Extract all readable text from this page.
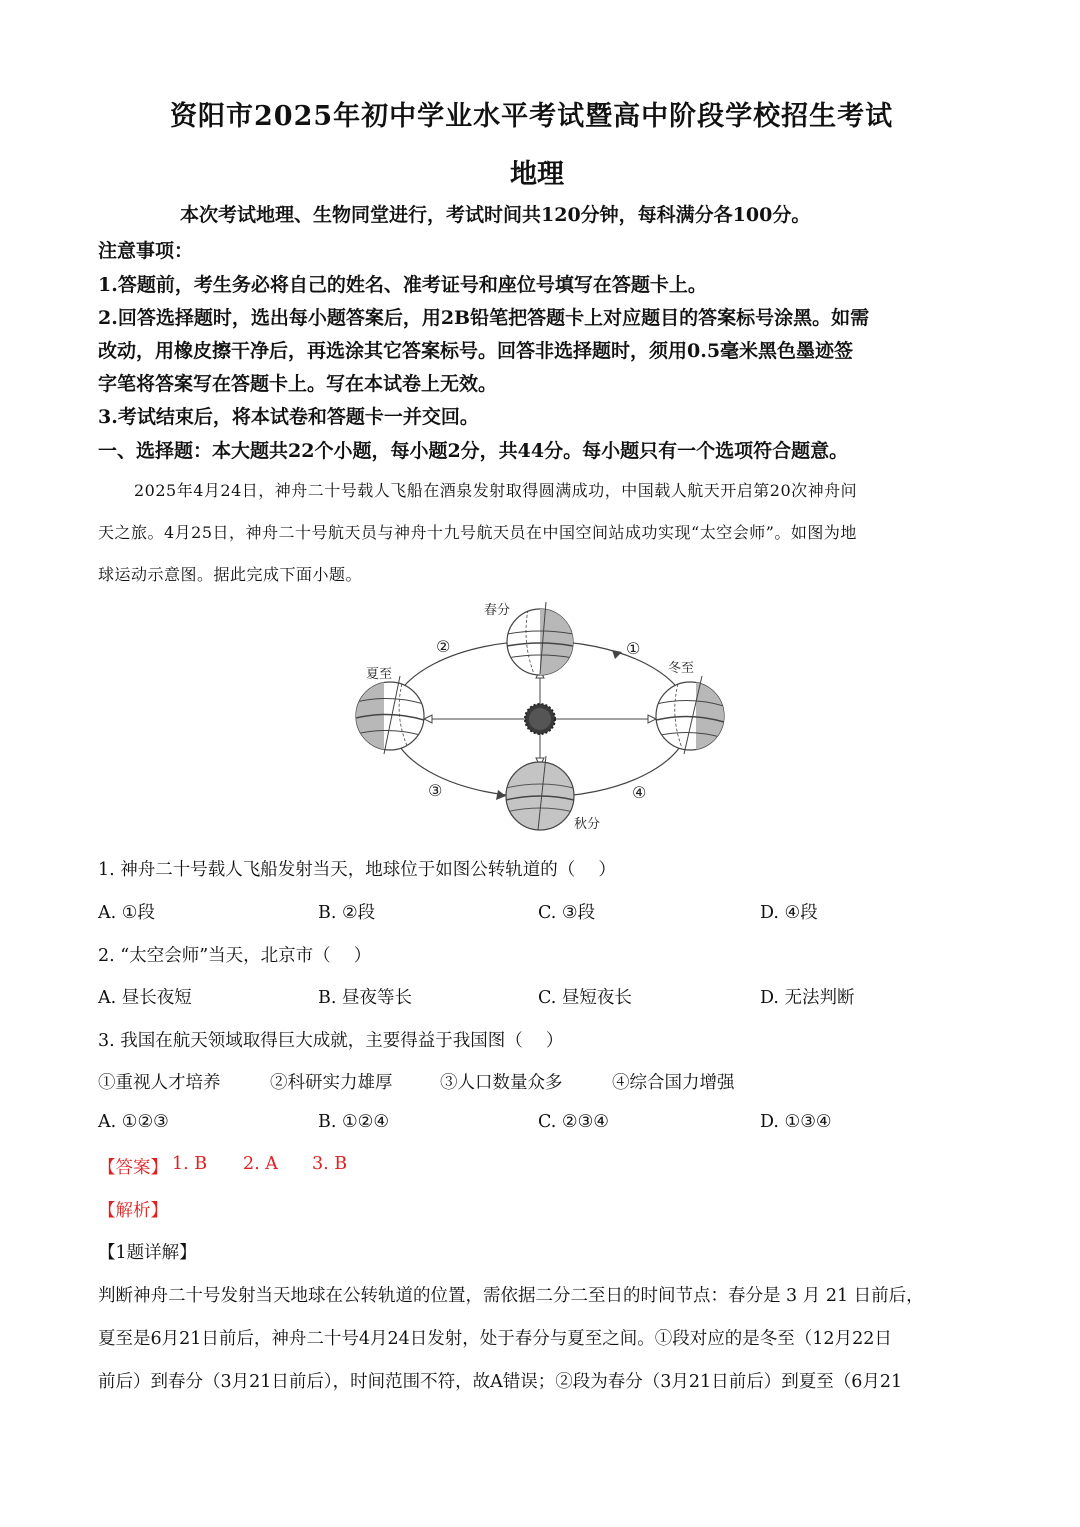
资阳市2025年初中学业水平考试暨高中阶段学校招生考试
地理
本次考试地理、生物同堂进行，考试时间共120分钟，每科满分各100分。
注意事项：
1.答题前，考生务必将自己的姓名、准考证号和座位号填写在答题卡上。
2.回答选择题时，选出每小题答案后，用2B铅笔把答题卡上对应题目的答案标号涂黑。如需
改动，用橡皮擦干净后，再选涂其它答案标号。回答非选择题时，须用0.5毫米黑色墨迹签
字笔将答案写在答题卡上。写在本试卷上无效。
3.考试结束后，将本试卷和答题卡一并交回。
一、选择题：本大题共22个小题，每小题2分，共44分。每小题只有一个选项符合题意。
2025年4月24日，神舟二十号载人飞船在酒泉发射取得圆满成功，中国载人航天开启第20次神舟问
天之旅。4月25日，神舟二十号航天员与神舟十九号航天员在中国空间站成功实现“太空会师”。如图为地
球运动示意图。据此完成下面小题。
春分
夏至	冬至
秋分
①
②
③	④
1. 神舟二十号载人飞船发射当天，地球位于如图公转轨道的（　 ）
A. ①段	B. ②段	C. ③段	D. ④段
2. “太空会师”当天，北京市（　 ）
A. 昼长夜短	B. 昼夜等长	C. 昼短夜长	D. 无法判断
3. 我国在航天领域取得巨大成就，主要得益于我国图（　 ）
①重视人才培养	②科研实力雄厚	③人口数量众多	④综合国力增强
A. ①②③	B. ①②④	C. ②③④	D. ①③④
【答案】 1. B 2. A 3. B
【解析】
【1题详解】
判断神舟二十号发射当天地球在公转轨道的位置，需依据二分二至日的时间节点：春分是 3 月 21 日前后，
夏至是6月21日前后，神舟二十号4月24日发射，处于春分与夏至之间。①段对应的是冬至（12月22日
前后）到春分（3月21日前后），时间范围不符，故A错误；②段为春分（3月21日前后）到夏至（6月21
